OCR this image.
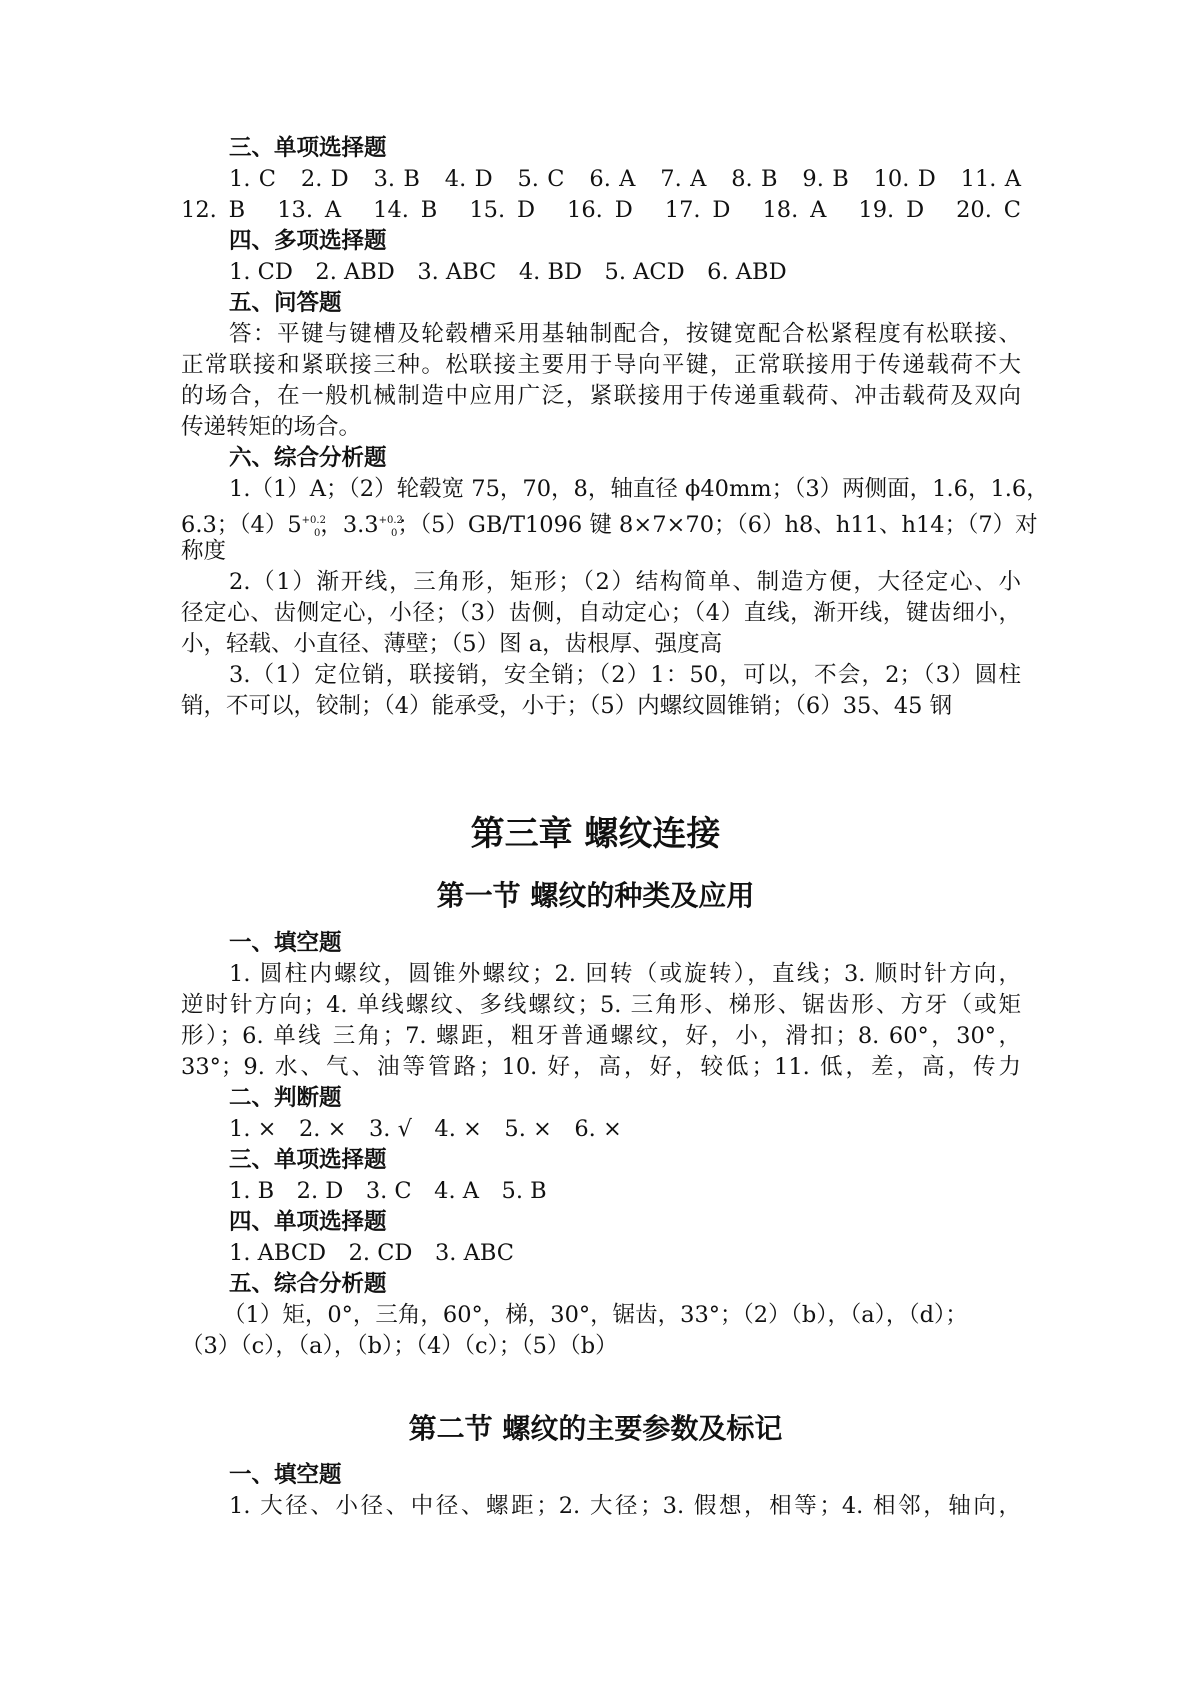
三、单项选择题
1. C　2. D　3. B　4. D　5. C　6. A　7. A　8. B　9. B　10. D　11. A
12. B　13. A　14. B　15. D　16. D　17. D　18. A　19. D　20. C
四、多项选择题
1. CD　2. ABD　3. ABC　4. BD　5. ACD　6. ABD
五、问答题
答：平键与键槽及轮毂槽采用基轴制配合，按键宽配合松紧程度有松联接、
正常联接和紧联接三种。松联接主要用于导向平键，正常联接用于传递载荷不大
的场合，在一般机械制造中应用广泛，紧联接用于传递重载荷、冲击载荷及双向
传递转矩的场合。
六、综合分析题
1.（1）A；（2）轮毂宽 75，70，8，轴直径 ϕ40mm；（3）两侧面，1.6，1.6，
6.3；$(4)5^{+0.2}_0$，$3.3^{+0.2}_0$；（5）GB/T1096 键 8×7×70；（6）h8、h11、h14；（7）对
称度
2.（1）渐开线，三角形，矩形；（2）结构简单、制造方便，大径定心、小
径定心、齿侧定心，小径；（3）齿侧，自动定心；（4）直线，渐开线，键齿细小，
小，轻载、小直径、薄壁；（5）图 a，齿根厚、强度高
3.（1）定位销，联接销，安全销；（2）1：50，可以，不会，2；（3）圆柱
销，不可以，铰制；（4）能承受，小于；（5）内螺纹圆锥销；（6）35、45 钢
第三章 螺纹连接
第一节 螺纹的种类及应用
一、填空题
1. 圆柱内螺纹，圆锥外螺纹；2. 回转（或旋转），直线；3. 顺时针方向，
逆时针方向；4. 单线螺纹、多线螺纹；5. 三角形、梯形、锯齿形、方牙（或矩
形）；6. 单线 三角；7. 螺距，粗牙普通螺纹，好，小，滑扣；8. 60°，30°，
33°；9. 水、气、油等管路；10. 好，高，好，较低；11. 低，差，高，传力
二、判断题
1. ×　2. ×　3. √　4. ×　5. ×　6. ×
三、单项选择题
1. B　2. D　3. C　4. A　5. B
四、单项选择题
1. ABCD　2. CD　3. ABC
五、综合分析题
（1）矩，0°，三角，60°，梯，30°，锯齿，33°；（2）（b），（a），（d）；
（3）（c），（a），（b）；（4）（c）；（5）（b）
第二节 螺纹的主要参数及标记
一、填空题
1. 大径、小径、中径、螺距；2. 大径；3. 假想，相等；4. 相邻，轴向，
